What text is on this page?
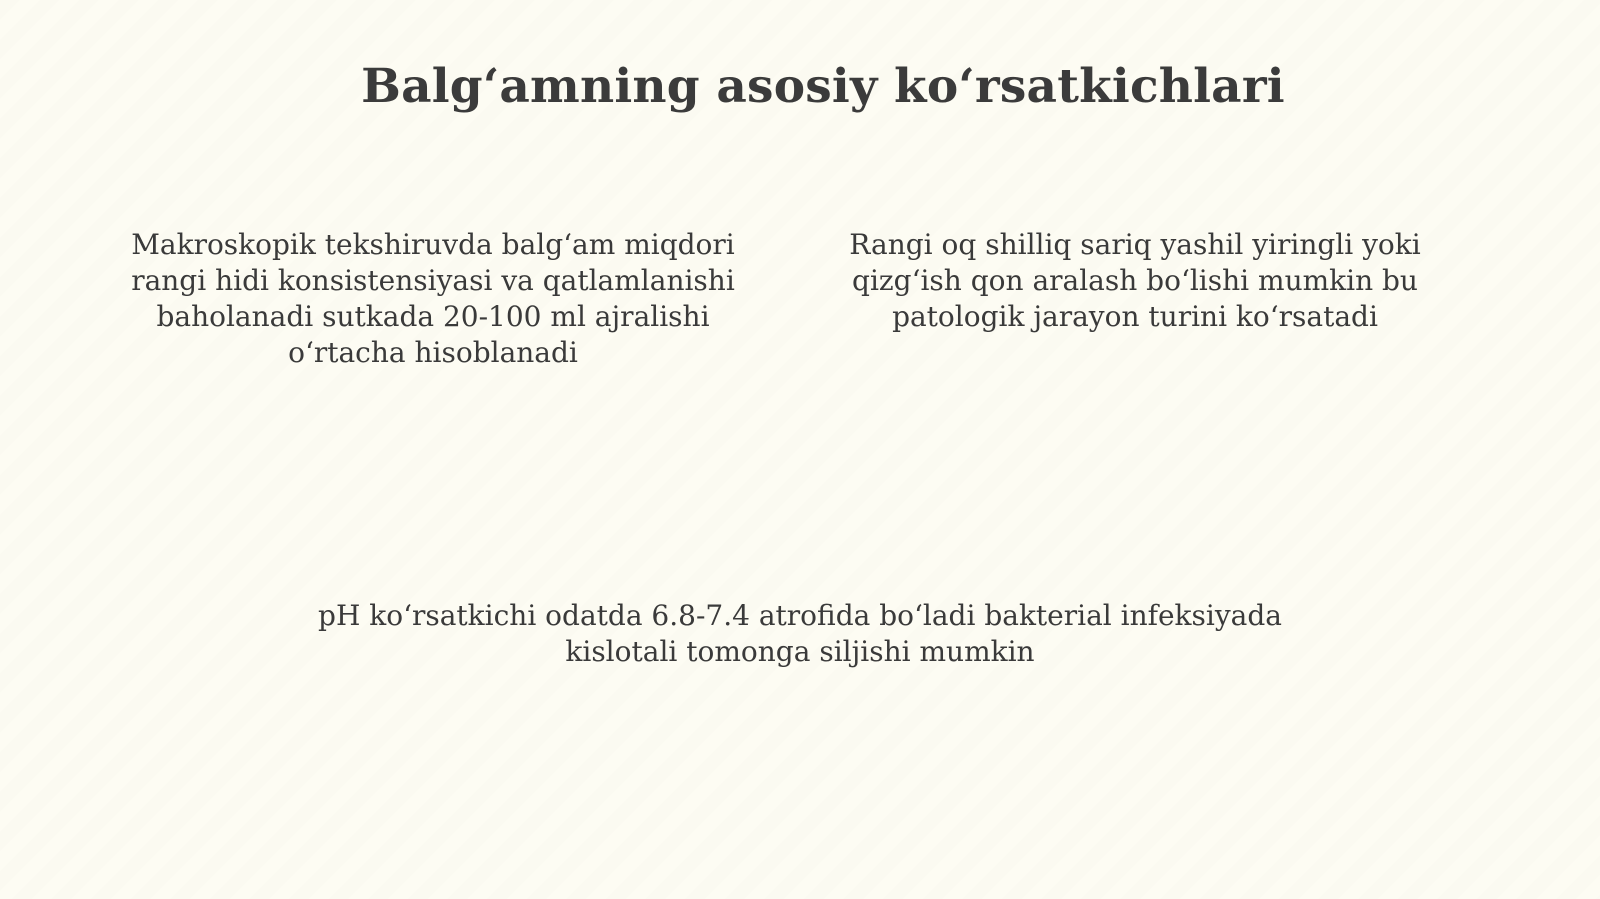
Balg‘amning asosiy ko‘rsatkichlari

Makroskopik tekshiruvda balg‘am miqdori rangi hidi konsistensiyasi va qatlamlanishi baholanadi sutkada 20-100 ml ajralishi o‘rtacha hisoblanadi

Rangi oq shilliq sariq yashil yiringli yoki qizg‘ish qon aralash bo‘lishi mumkin bu patologik jarayon turini ko‘rsatadi

pH ko‘rsatkichi odatda 6.8-7.4 atrofida bo‘ladi bakterial infeksiyada kislotali tomonga siljishi mumkin
